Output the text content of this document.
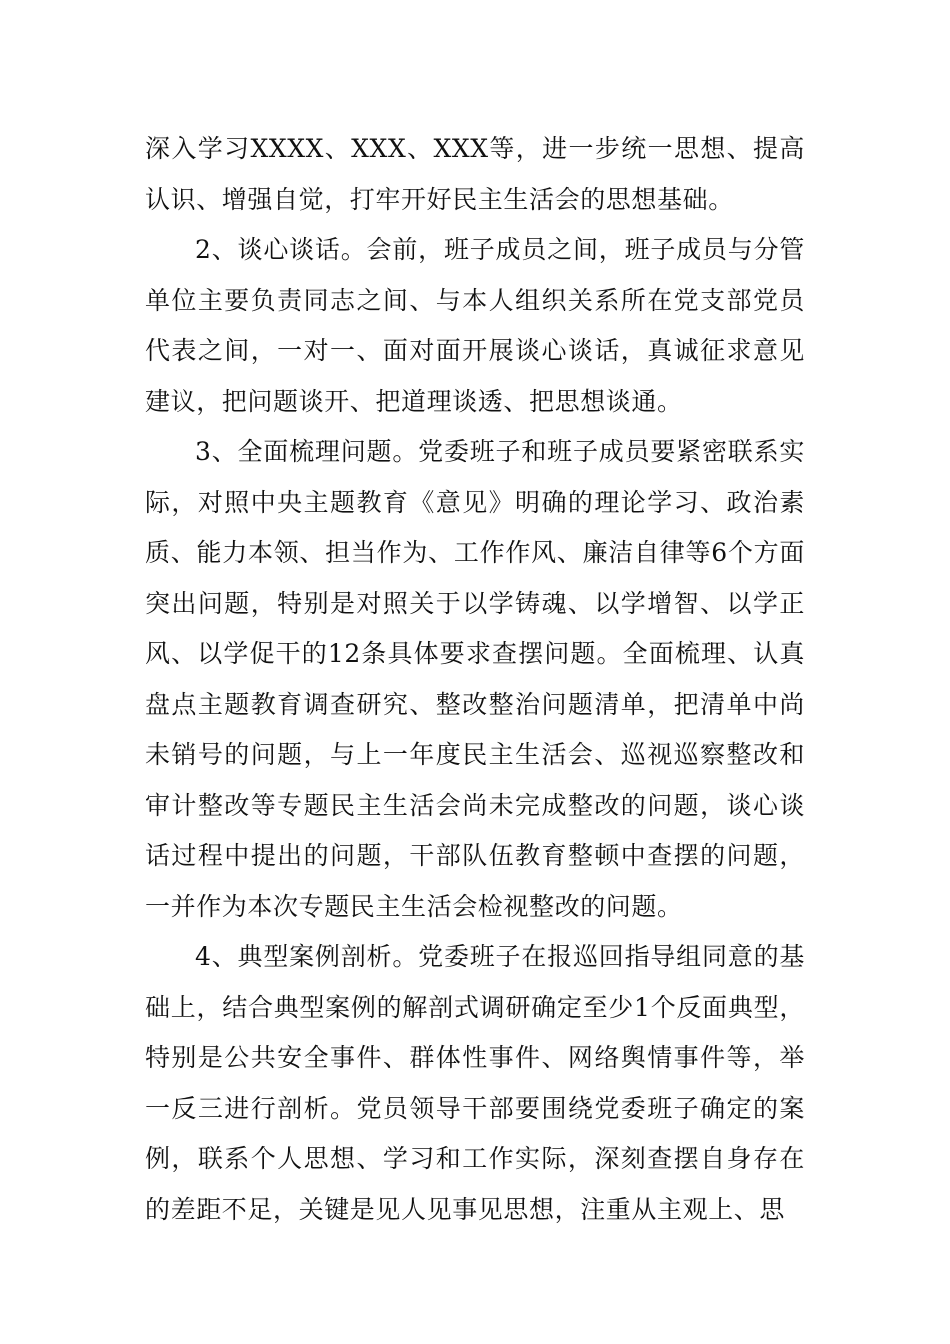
深入学习XXXX、XXX、XXX等，进一步统一思想、提高认识、增强自觉，打牢开好民主生活会的思想基础。

2、谈心谈话。会前，班子成员之间，班子成员与分管单位主要负责同志之间、与本人组织关系所在党支部党员代表之间，一对一、面对面开展谈心谈话，真诚征求意见建议，把问题谈开、把道理谈透、把思想谈通。

3、全面梳理问题。党委班子和班子成员要紧密联系实际，对照中央主题教育《意见》明确的理论学习、政治素质、能力本领、担当作为、工作作风、廉洁自律等6个方面突出问题，特别是对照关于以学铸魂、以学增智、以学正风、以学促干的12条具体要求查摆问题。全面梳理、认真盘点主题教育调查研究、整改整治问题清单，把清单中尚未销号的问题，与上一年度民主生活会、巡视巡察整改和审计整改等专题民主生活会尚未完成整改的问题，谈心谈话过程中提出的问题，干部队伍教育整顿中查摆的问题，一并作为本次专题民主生活会检视整改的问题。

4、典型案例剖析。党委班子在报巡回指导组同意的基础上，结合典型案例的解剖式调研确定至少1个反面典型，特别是公共安全事件、群体性事件、网络舆情事件等，举一反三进行剖析。党员领导干部要围绕党委班子确定的案例，联系个人思想、学习和工作实际，深刻查摆自身存在的差距不足，关键是见人见事见思想，注重从主观上、思
